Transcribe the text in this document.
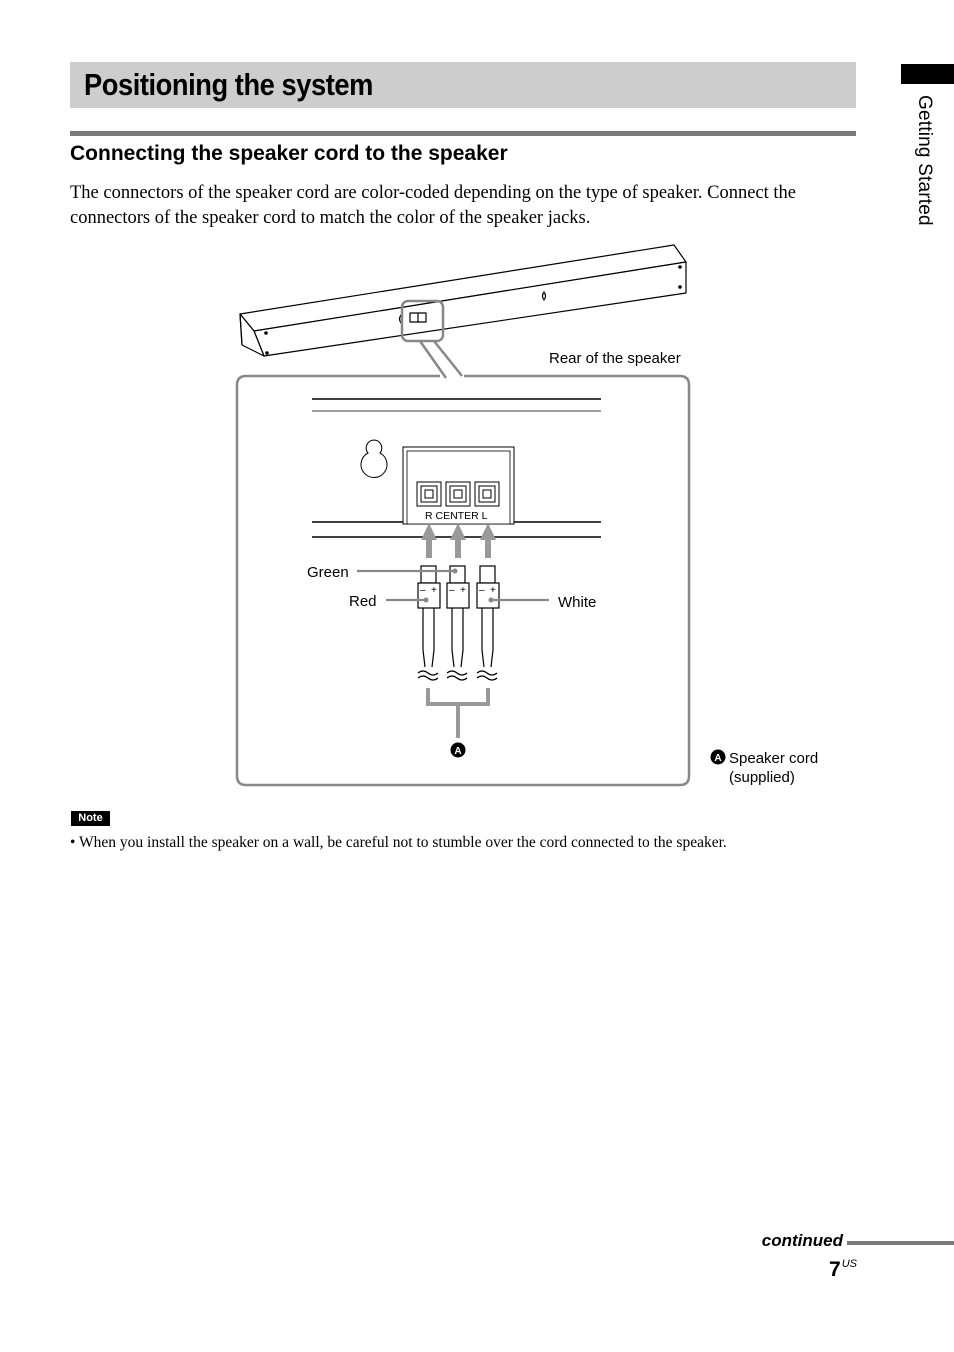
Positioning the system
Connecting the speaker cord to the speaker

The connectors of the speaker cord are color-coded depending on the type of speaker. Connect the connectors of the speaker cord to match the color of the speaker jacks.	Getting Started
R CENTER L
– + – + – +
A
Rear of the speaker
Green
Red	White
Speaker cord
(supplied)
A
Note

• When you install the speaker on a wall, be careful not to stumble over the cord connected to the speaker.

continued
$7^{US}$
